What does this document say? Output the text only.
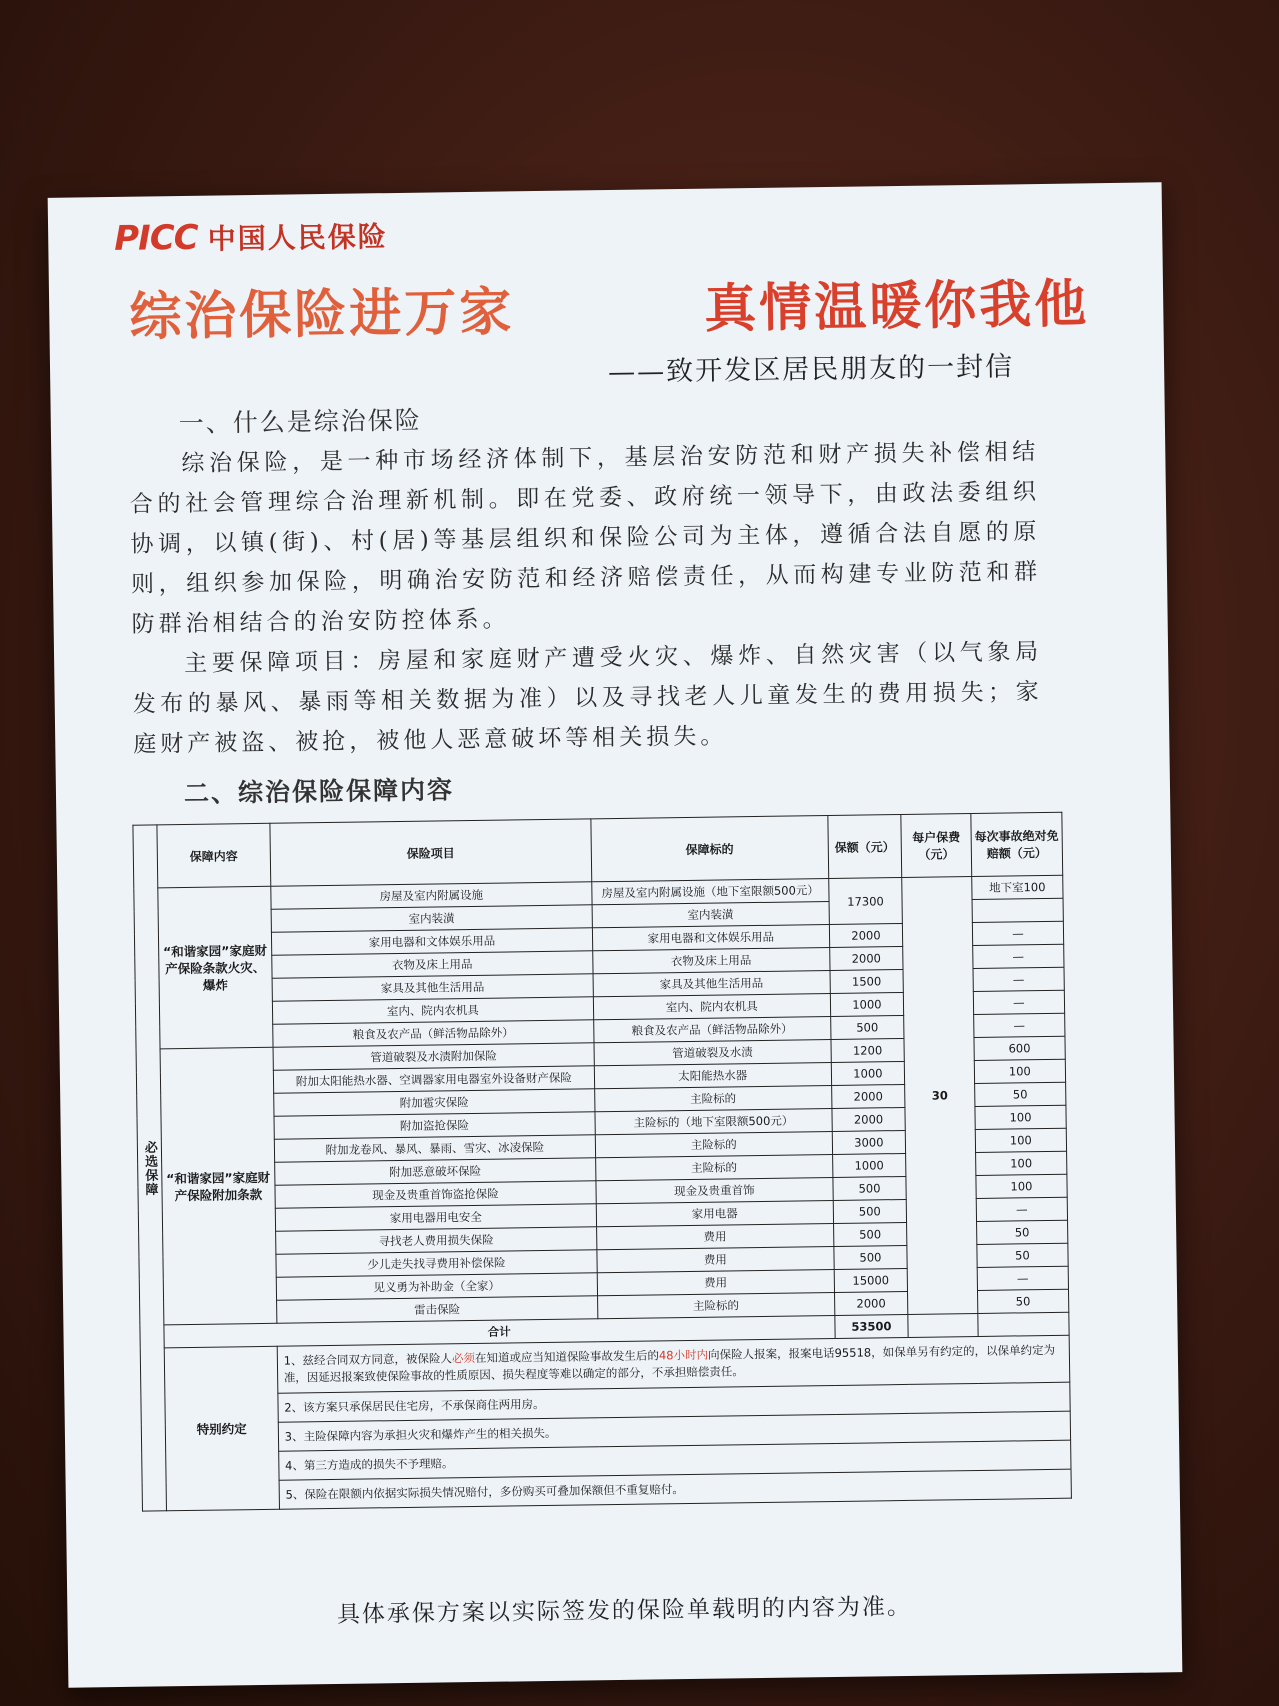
PICC 中国人民保险
综治保险进万家	真情温暖你我他
——致开发区居民朋友的一封信
一、什么是综治保险
综治保险，是一种市场经济体制下，基层治安防范和财产损失补偿相结合的社会管理综合治理新机制。即在党委、政府统一领导下，由政法委组织协调，以镇(街)、村(居)等基层组织和保险公司为主体，遵循合法自愿的原则，组织参加保险，明确治安防范和经济赔偿责任，从而构建专业防范和群防群治相结合的治安防控体系。
主要保障项目：房屋和家庭财产遭受火灾、爆炸、自然灾害（以气象局发布的暴风、暴雨等相关数据为准）以及寻找老人儿童发生的费用损失；家庭财产被盗、被抢，被他人恶意破坏等相关损失。
二、综治保险保障内容
必选保障	保障内容	保险项目	保障标的	保额（元）	每户保费（元）	每次事故绝对免赔额（元）
	“和谐家园”家庭财产保险条款火灾、爆炸	房屋及室内附属设施	房屋及室内附属设施（地下室限额500元）	17300	30	地下室100
		室内装潢	室内装潢			
		家用电器和文体娱乐用品	家用电器和文体娱乐用品	2000		—
		衣物及床上用品	衣物及床上用品	2000		—
		家具及其他生活用品	家具及其他生活用品	1500		—
		室内、院内农机具	室内、院内农机具	1000		—
		粮食及农产品（鲜活物品除外）	粮食及农产品（鲜活物品除外）	500		—
	“和谐家园”家庭财产保险附加条款	管道破裂及水渍附加保险	管道破裂及水渍	1200		600
		附加太阳能热水器、空调器家用电器室外设备财产保险	太阳能热水器	1000		100
		附加雹灾保险	主险标的	2000		50
		附加盗抢保险	主险标的（地下室限额500元）	2000		100
		附加龙卷风、暴风、暴雨、雪灾、冰凌保险	主险标的	3000		100
		附加恶意破坏保险	主险标的	1000		100
		现金及贵重首饰盗抢保险	现金及贵重首饰	500		100
		家用电器用电安全	家用电器	500		—
		寻找老人费用损失保险	费用	500		50
		少儿走失找寻费用补偿保险	费用	500		50
		见义勇为补助金（全家）	费用	15000		—
		雷击保险	主险标的	2000		50
	合计			53500		
	特别约定	1、兹经合同双方同意，被保险人必须在知道或应当知道保险事故发生后的48小时内向保险人报案，报案电话95518，如保单另有约定的，以保单约定为准，因延迟报案致使保险事故的性质原因、损失程度等难以确定的部分，不承担赔偿责任。				
		2、该方案只承保居民住宅房，不承保商住两用房。				
		3、主险保障内容为承担火灾和爆炸产生的相关损失。				
		4、第三方造成的损失不予理赔。				
		5、保险在限额内依据实际损失情况赔付，多份购买可叠加保额但不重复赔付。				
具体承保方案以实际签发的保险单载明的内容为准。
